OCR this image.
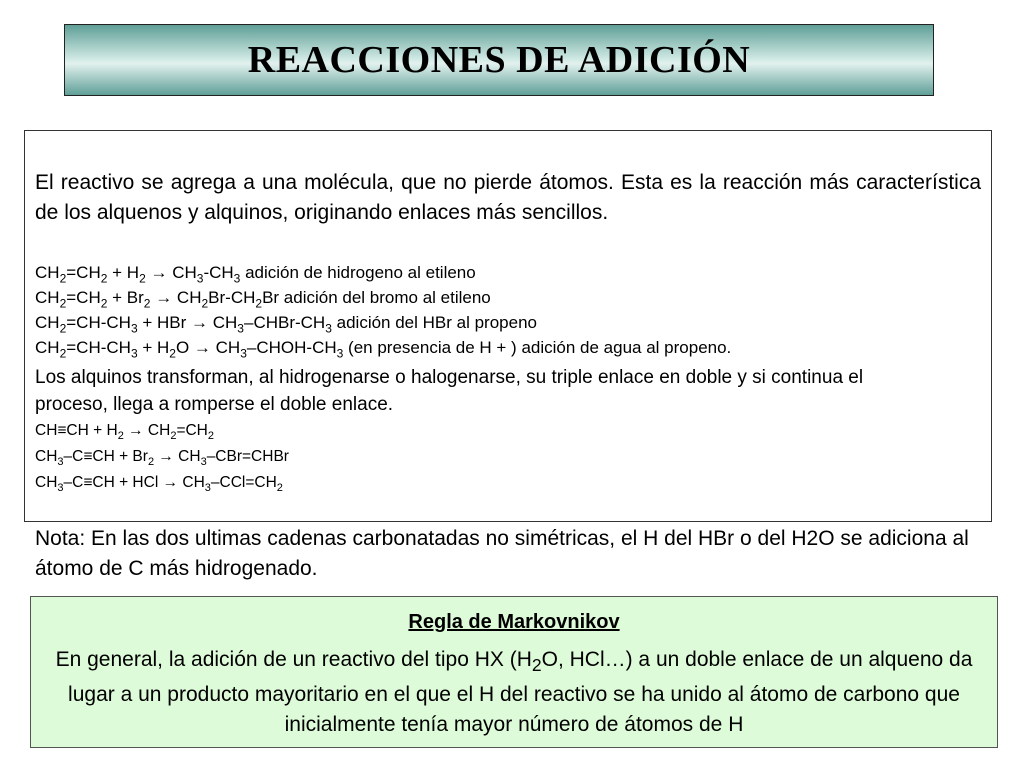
REACCIONES DE ADICIÓN

El reactivo se agrega a una molécula, que no pierde átomos. Esta es la reacción más característica de los alquenos y alquinos, originando enlaces más sencillos.

$CH_2=CH_2 + H_2 \to CH_3-CH_3$ adición de hidrogeno al etileno
$CH_2=CH_2 + Br_2 \to CH_2Br-CH_2Br$ adición del bromo al etileno
$CH_2=CH-CH_3$ + HBr → $CH_3-CHBr-CH_3$ adición del HBr al propeno
$CH_2=CH-CH_3 + H_2O$ → $CH_3-CHOH-CH_3$ (en presencia de H + ) adición de agua al propeno.

Los alquinos transforman, al hidrogenarse o halogenarse, su triple enlace en doble y si continua el proceso, llega a romperse el doble enlace.

$CH\equiv CH + H_2 \to CH_2=CH_2$
$CH_3-C\equiv CH + Br_2$ → $CH_3-CBr=CHBr$
$CH_3-C\equiv CH$ + HCl → $CH_3-CCl=CH_2$

Nota: En las dos ultimas cadenas carbonatadas no simétricas, el H del HBr o del H2O se adiciona al átomo de C más hidrogenado.

Regla de Markovnikov
En general, la adición de un reactivo del tipo HX ($H_2O$, HCl…) a un doble enlace de un alqueno da lugar a un producto mayoritario en el que el H del reactivo se ha unido al átomo de carbono que inicialmente tenía mayor número de átomos de H
